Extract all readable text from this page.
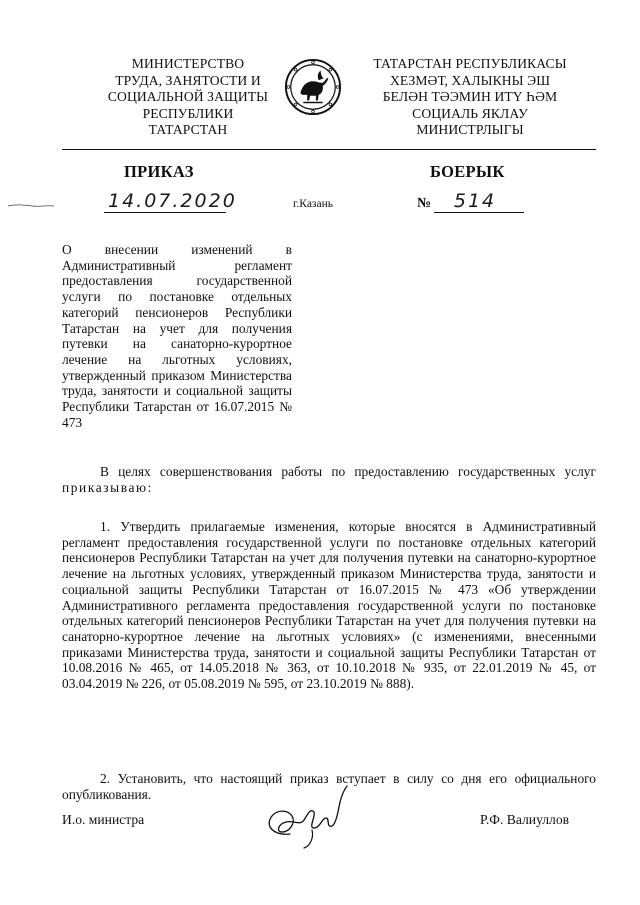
МИНИСТЕРСТВО
ТРУДА, ЗАНЯТОСТИ И
СОЦИАЛЬНОЙ ЗАЩИТЫ
РЕСПУБЛИКИ
ТАТАРСТАН
ТАТАРСТАН РЕСПУБЛИКАСЫ
ХЕЗМӘТ, ХАЛЫКНЫ ЭШ
БЕЛӘН ТӘЭМИН ИТҮ ҺӘМ
СОЦИАЛЬ ЯКЛАУ
МИНИСТРЛЫГЫ
ПРИКАЗ	БОЕРЫК
14.07.2020	г.Казань	№	514
О внесении изменений в Административный регламент предоставления государственной услуги по постановке отдельных категорий пенсионеров Республики Татарстан на учет для получения путевки на санаторно-курортное лечение на льготных условиях, утвержденный приказом Министерства труда, занятости и социальной защиты Республики Татарстан от 16.07.2015 № 473
В целях совершенствования работы по предоставлению государственных услуг приказываю:
1. Утвердить прилагаемые изменения, которые вносятся в Административный регламент предоставления государственной услуги по постановке отдельных категорий пенсионеров Республики Татарстан на учет для получения путевки на санаторно-курортное лечение на льготных условиях, утвержденный приказом Министерства труда, занятости и социальной защиты Республики Татарстан от 16.07.2015 № 473 «Об утверждении Административного регламента предоставления государственной услуги по постановке отдельных категорий пенсионеров Республики Татарстан на учет для получения путевки на санаторно-курортное лечение на льготных условиях» (с изменениями, внесенными приказами Министерства труда, занятости и социальной защиты Республики Татарстан от 10.08.2016 № 465, от 14.05.2018 № 363, от 10.10.2018 № 935, от 22.01.2019 № 45, от 03.04.2019 № 226, от 05.08.2019 № 595, от 23.10.2019 № 888).
2. Установить, что настоящий приказ вступает в силу со дня его официального опубликования.
И.о. министра	Р.Ф. Валиуллов
